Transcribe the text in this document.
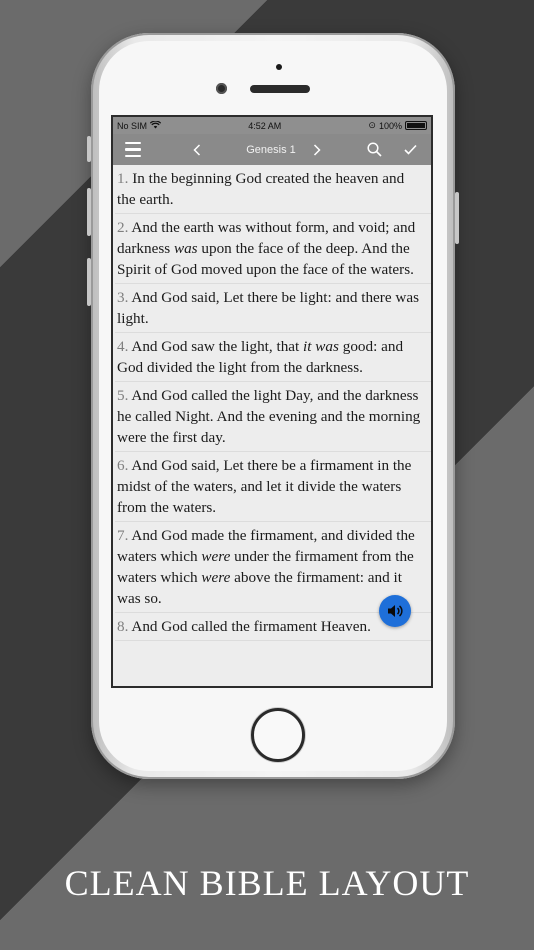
No SIM	4:52 AM	⊙ 100%
Genesis 1
1. In the beginning God created the heaven and the earth.
2. And the earth was without form, and void; and darkness was upon the face of the deep. And the Spirit of God moved upon the face of the waters.
3. And God said, Let there be light: and there was light.
4. And God saw the light, that it was good: and God divided the light from the darkness.
5. And God called the light Day, and the darkness he called Night. And the evening and the morning were the first day.
6. And God said, Let there be a firmament in the midst of the waters, and let it divide the waters from the waters.
7. And God made the firmament, and divided the waters which were under the firmament from the waters which were above the firmament: and it was so.
8. And God called the firmament Heaven.
CLEAN BIBLE LAYOUT
